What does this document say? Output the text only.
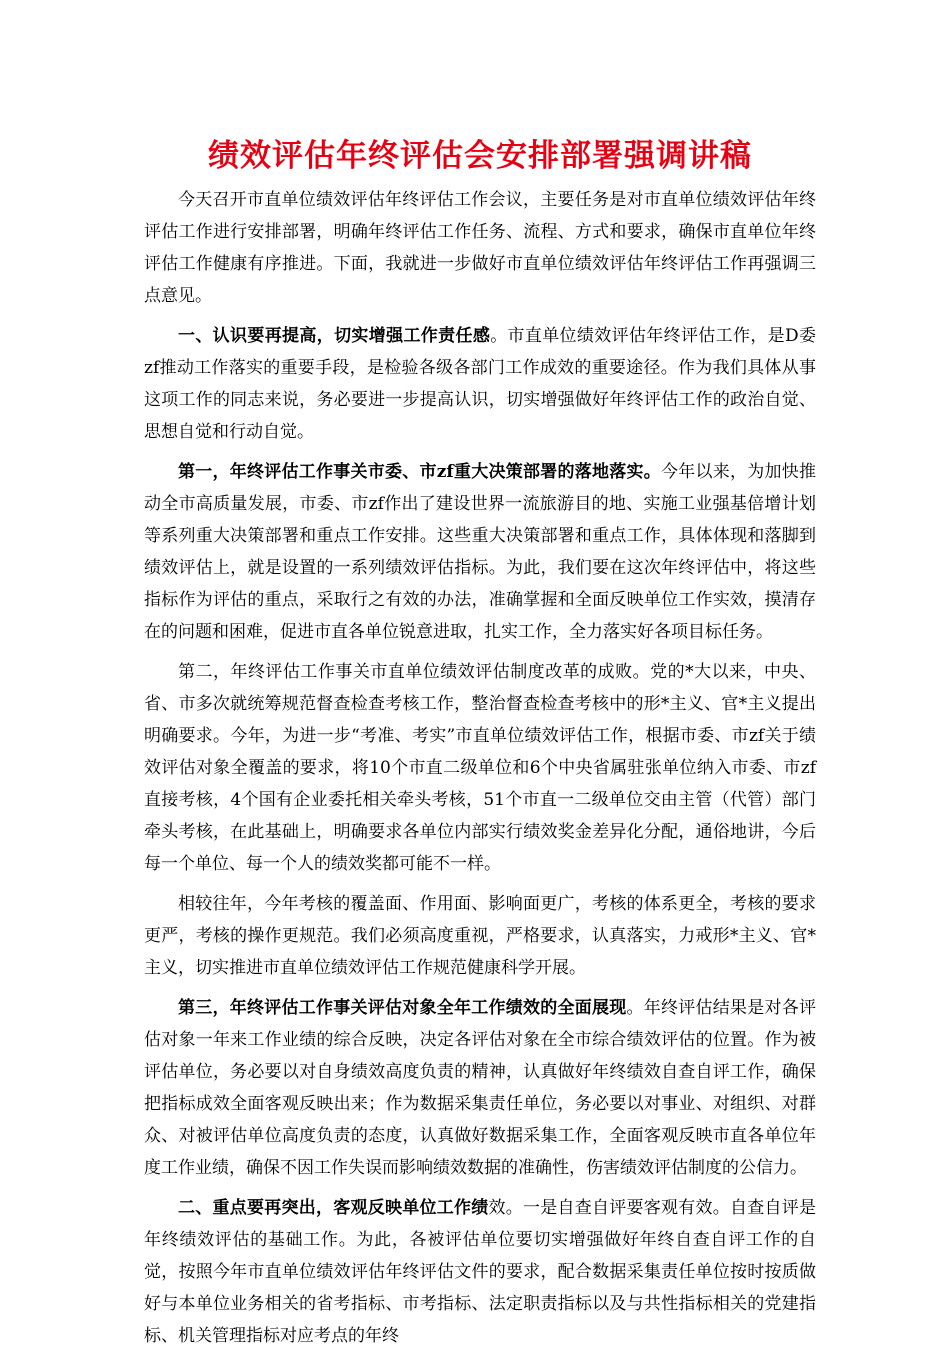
绩效评估年终评估会安排部署强调讲稿

今天召开市直单位绩效评估年终评估工作会议，主要任务是对市直单位绩效评估年终评估工作进行安排部署，明确年终评估工作任务、流程、方式和要求，确保市直单位年终评估工作健康有序推进。下面，我就进一步做好市直单位绩效评估年终评估工作再强调三点意见。

一、认识要再提高，切实增强工作责任感。市直单位绩效评估年终评估工作，是D委zf推动工作落实的重要手段，是检验各级各部门工作成效的重要途径。作为我们具体从事这项工作的同志来说，务必要进一步提高认识，切实增强做好年终评估工作的政治自觉、思想自觉和行动自觉。

第一，年终评估工作事关市委、市zf重大决策部署的落地落实。今年以来，为加快推动全市高质量发展，市委、市zf作出了建设世界一流旅游目的地、实施工业强基倍增计划等系列重大决策部署和重点工作安排。这些重大决策部署和重点工作，具体体现和落脚到绩效评估上，就是设置的一系列绩效评估指标。为此，我们要在这次年终评估中，将这些指标作为评估的重点，采取行之有效的办法，准确掌握和全面反映单位工作实效，摸清存在的问题和困难，促进市直各单位锐意进取，扎实工作，全力落实好各项目标任务。

第二，年终评估工作事关市直单位绩效评估制度改革的成败。党的*大以来，中央、省、市多次就统筹规范督查检查考核工作，整治督查检查考核中的形*主义、官*主义提出明确要求。今年，为进一步“考准、考实”市直单位绩效评估工作，根据市委、市zf关于绩效评估对象全覆盖的要求，将10个市直二级单位和6个中央省属驻张单位纳入市委、市zf直接考核，4个国有企业委托相关牵头考核，51个市直一二级单位交由主管（代管）部门牵头考核，在此基础上，明确要求各单位内部实行绩效奖金差异化分配，通俗地讲，今后每一个单位、每一个人的绩效奖都可能不一样。

相较往年，今年考核的覆盖面、作用面、影响面更广，考核的体系更全，考核的要求更严，考核的操作更规范。我们必须高度重视，严格要求，认真落实，力戒形*主义、官*主义，切实推进市直单位绩效评估工作规范健康科学开展。

第三，年终评估工作事关评估对象全年工作绩效的全面展现。年终评估结果是对各评估对象一年来工作业绩的综合反映，决定各评估对象在全市综合绩效评估的位置。作为被评估单位，务必要以对自身绩效高度负责的精神，认真做好年终绩效自查自评工作，确保把指标成效全面客观反映出来；作为数据采集责任单位，务必要以对事业、对组织、对群众、对被评估单位高度负责的态度，认真做好数据采集工作，全面客观反映市直各单位年度工作业绩，确保不因工作失误而影响绩效数据的准确性，伤害绩效评估制度的公信力。

二、重点要再突出，客观反映单位工作绩效。一是自查自评要客观有效。自查自评是年终绩效评估的基础工作。为此，各被评估单位要切实增强做好年终自查自评工作的自觉，按照今年市直单位绩效评估年终评估文件的要求，配合数据采集责任单位按时按质做好与本单位业务相关的省考指标、市考指标、法定职责指标以及与共性指标相关的党建指标、机关管理指标对应考点的年终
